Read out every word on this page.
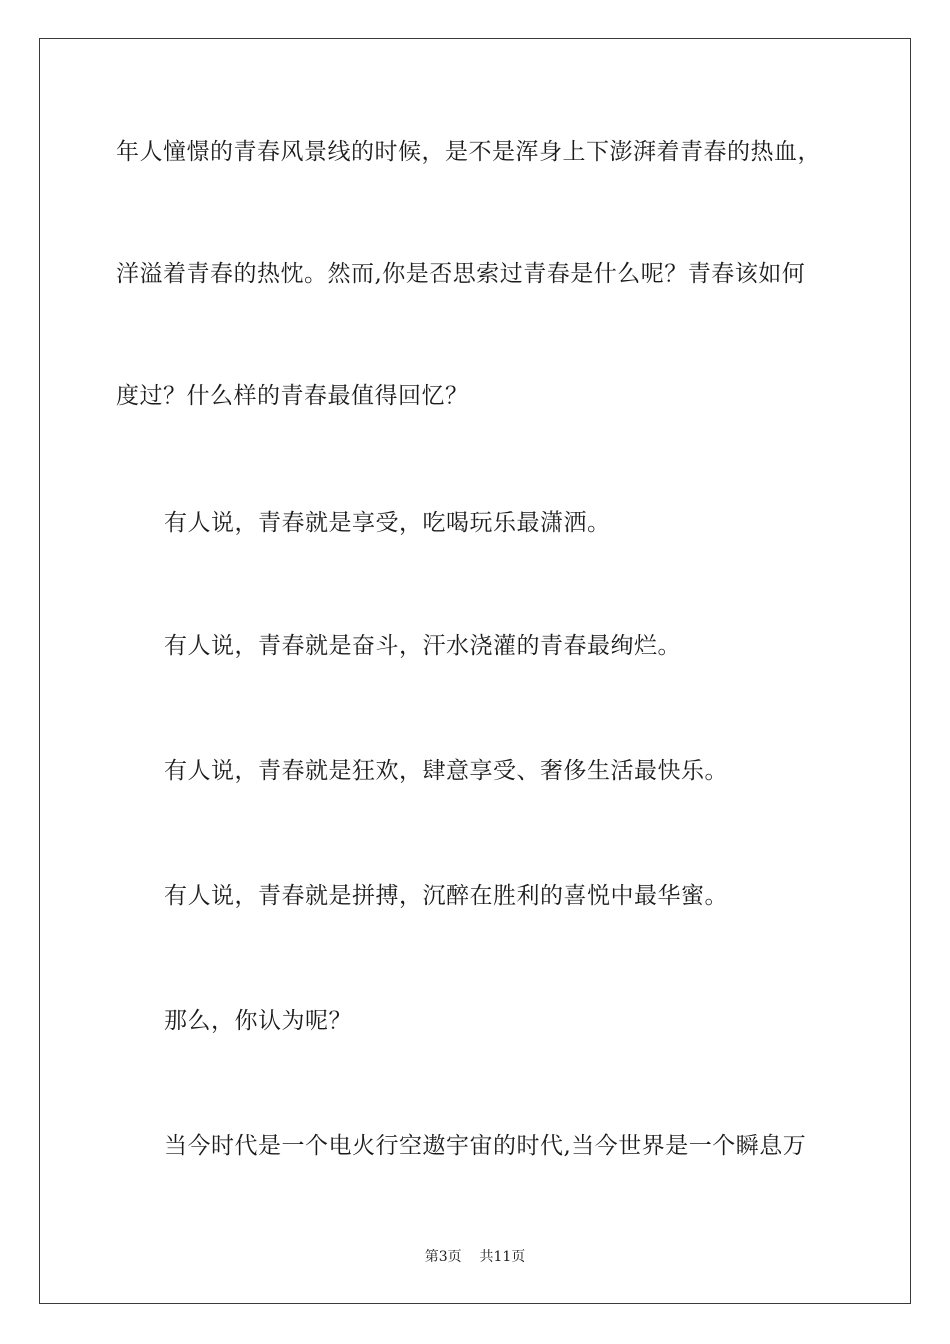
年人憧憬的青春风景线的时候，是不是浑身上下澎湃着青春的热血，
洋溢着青春的热忱。然而,你是否思索过青春是什么呢？青春该如何
度过？什么样的青春最值得回忆？
有人说，青春就是享受，吃喝玩乐最潇洒。
有人说，青春就是奋斗，汗水浇灌的青春最绚烂。
有人说，青春就是狂欢，肆意享受、奢侈生活最快乐。
有人说，青春就是拼搏，沉醉在胜利的喜悦中最华蜜。
那么，你认为呢？
当今时代是一个电火行空遨宇宙的时代,当今世界是一个瞬息万
第3页    共11页
